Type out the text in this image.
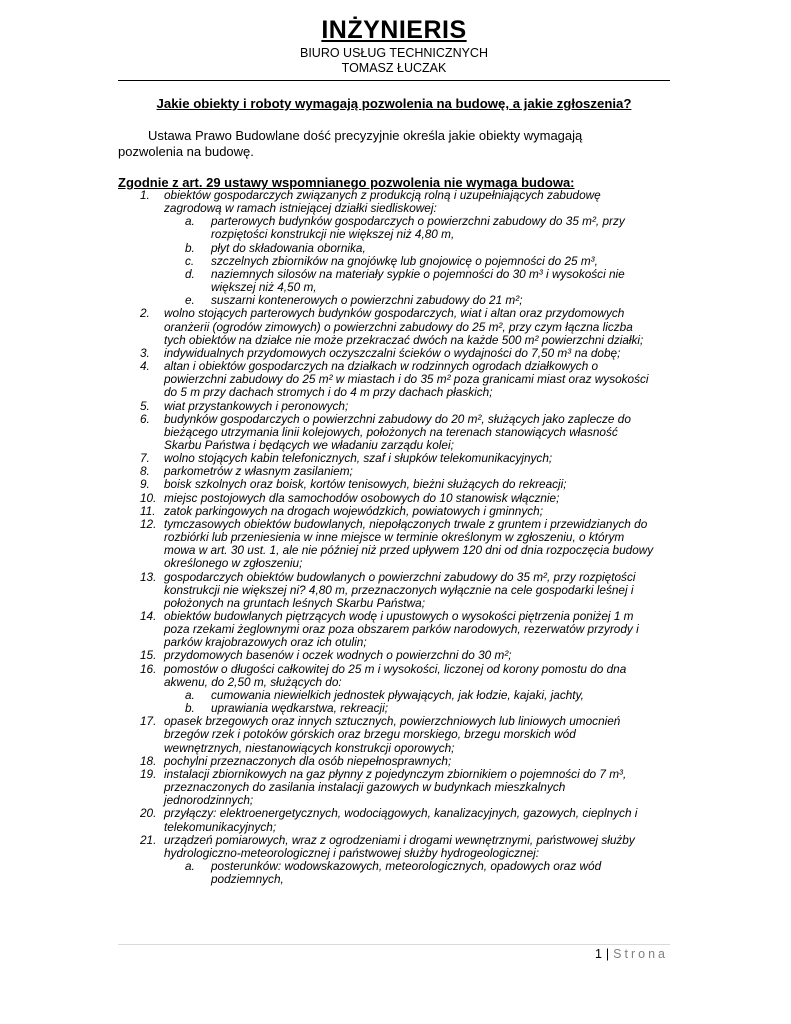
INŻYNIERIS
BIURO USŁUG TECHNICZNYCH
TOMASZ ŁUCZAK
Jakie obiekty i roboty wymagają pozwolenia na budowę, a jakie zgłoszenia?
Ustawa Prawo Budowlane dość precyzyjnie określa jakie obiekty wymagają
pozwolenia na budowę.
Zgodnie z art. 29 ustawy wspomnianego pozwolenia nie wymaga budowa:
1. obiektów gospodarczych związanych z produkcją rolną i uzupełniających zabudowę
zagrodową w ramach istniejącej działki siedliskowej:
a. parterowych budynków gospodarczych o powierzchni zabudowy do 35 m², przy
rozpiętości konstrukcji nie większej niż 4,80 m,
b. płyt do składowania obornika,
c. szczelnych zbiorników na gnojówkę lub gnojowicę o pojemności do 25 m³,
d. naziemnych silosów na materiały sypkie o pojemności do 30 m³ i wysokości nie
większej niż 4,50 m,
e. suszarni kontenerowych o powierzchni zabudowy do 21 m²;
2. wolno stojących parterowych budynków gospodarczych, wiat i altan oraz przydomowych
oranżerii (ogrodów zimowych) o powierzchni zabudowy do 25 m², przy czym łączna liczba
tych obiektów na działce nie może przekraczać dwóch na każde 500 m² powierzchni działki;
3. indywidualnych przydomowych oczyszczalni ścieków o wydajności do 7,50 m³ na dobę;
4. altan i obiektów gospodarczych na działkach w rodzinnych ogrodach działkowych o
powierzchni zabudowy do 25 m² w miastach i do 35 m² poza granicami miast oraz wysokości
do 5 m przy dachach stromych i do 4 m przy dachach płaskich;
5. wiat przystankowych i peronowych;
6. budynków gospodarczych o powierzchni zabudowy do 20 m², służących jako zaplecze do
bieżącego utrzymania linii kolejowych, położonych na terenach stanowiących własność
Skarbu Państwa i będących we władaniu zarządu kolei;
7. wolno stojących kabin telefonicznych, szaf i słupków telekomunikacyjnych;
8. parkometrów z własnym zasilaniem;
9. boisk szkolnych oraz boisk, kortów tenisowych, bieżni służących do rekreacji;
10. miejsc postojowych dla samochodów osobowych do 10 stanowisk włącznie;
11. zatok parkingowych na drogach wojewódzkich, powiatowych i gminnych;
12. tymczasowych obiektów budowlanych, niepołączonych trwale z gruntem i przewidzianych do
rozbiórki lub przeniesienia w inne miejsce w terminie określonym w zgłoszeniu, o którym
mowa w art. 30 ust. 1, ale nie później niż przed upływem 120 dni od dnia rozpoczęcia budowy
określonego w zgłoszeniu;
13. gospodarczych obiektów budowlanych o powierzchni zabudowy do 35 m², przy rozpiętości
konstrukcji nie większej ni? 4,80 m, przeznaczonych wyłącznie na cele gospodarki leśnej i
położonych na gruntach leśnych Skarbu Państwa;
14. obiektów budowlanych piętrzących wodę i upustowych o wysokości piętrzenia poniżej 1 m
poza rzekami żeglownymi oraz poza obszarem parków narodowych, rezerwatów przyrody i
parków krajobrazowych oraz ich otulin;
15. przydomowych basenów i oczek wodnych o powierzchni do 30 m²;
16. pomostów o długości całkowitej do 25 m i wysokości, liczonej od korony pomostu do dna
akwenu, do 2,50 m, służących do:
a. cumowania niewielkich jednostek pływających, jak łodzie, kajaki, jachty,
b. uprawiania wędkarstwa, rekreacji;
17. opasek brzegowych oraz innych sztucznych, powierzchniowych lub liniowych umocnień
brzegów rzek i potoków górskich oraz brzegu morskiego, brzegu morskich wód
wewnętrznych, niestanowiących konstrukcji oporowych;
18. pochylni przeznaczonych dla osób niepełnosprawnych;
19. instalacji zbiornikowych na gaz płynny z pojedynczym zbiornikiem o pojemności do 7 m³,
przeznaczonych do zasilania instalacji gazowych w budynkach mieszkalnych
jednorodzinnych;
20. przyłączy: elektroenergetycznych, wodociągowych, kanalizacyjnych, gazowych, cieplnych i
telekomunikacyjnych;
21. urządzeń pomiarowych, wraz z ogrodzeniami i drogami wewnętrznymi, państwowej służby
hydrologiczno-meteorologicznej i państwowej służby hydrogeologicznej:
a. posterunków: wodowskazowych, meteorologicznych, opadowych oraz wód
podziemnych,
1 | Strona
